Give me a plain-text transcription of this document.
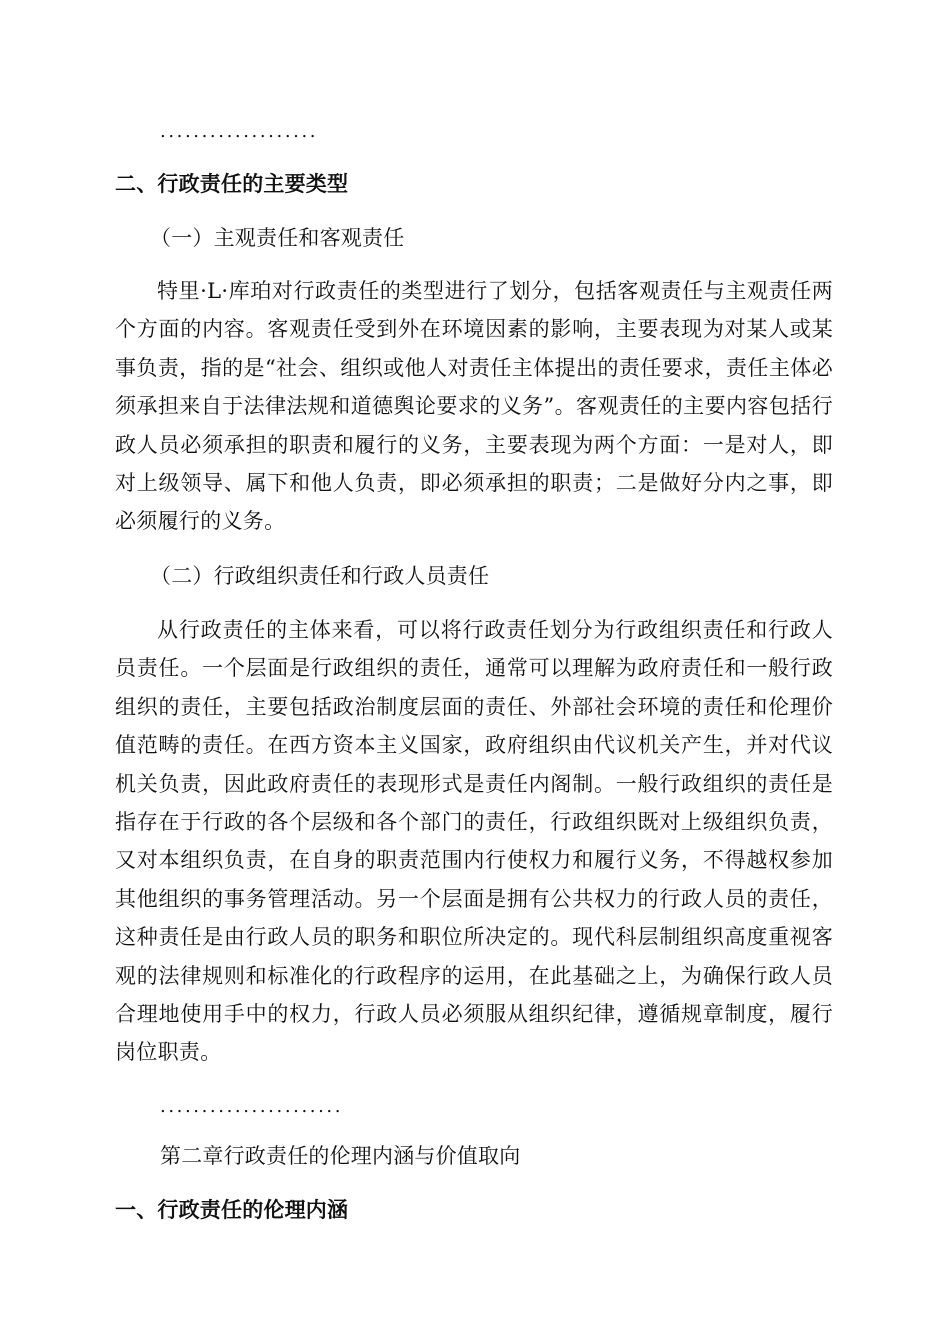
...................
二、行政责任的主要类型
（一）主观责任和客观责任
特里·L·库珀对行政责任的类型进行了划分，包括客观责任与主观责任两个方面的内容。客观责任受到外在环境因素的影响，主要表现为对某人或某事负责，指的是“社会、组织或他人对责任主体提出的责任要求，责任主体必须承担来自于法律法规和道德舆论要求的义务”。客观责任的主要内容包括行政人员必须承担的职责和履行的义务，主要表现为两个方面：一是对人，即对上级领导、属下和他人负责，即必须承担的职责；二是做好分内之事，即必须履行的义务。
（二）行政组织责任和行政人员责任
从行政责任的主体来看，可以将行政责任划分为行政组织责任和行政人员责任。一个层面是行政组织的责任，通常可以理解为政府责任和一般行政组织的责任，主要包括政治制度层面的责任、外部社会环境的责任和伦理价值范畴的责任。在西方资本主义国家，政府组织由代议机关产生，并对代议机关负责，因此政府责任的表现形式是责任内阁制。一般行政组织的责任是指存在于行政的各个层级和各个部门的责任，行政组织既对上级组织负责，又对本组织负责，在自身的职责范围内行使权力和履行义务，不得越权参加其他组织的事务管理活动。另一个层面是拥有公共权力的行政人员的责任，这种责任是由行政人员的职务和职位所决定的。现代科层制组织高度重视客观的法律规则和标准化的行政程序的运用，在此基础之上，为确保行政人员合理地使用手中的权力，行政人员必须服从组织纪律，遵循规章制度，履行岗位职责。
......................
第二章行政责任的伦理内涵与价值取向
一、行政责任的伦理内涵
